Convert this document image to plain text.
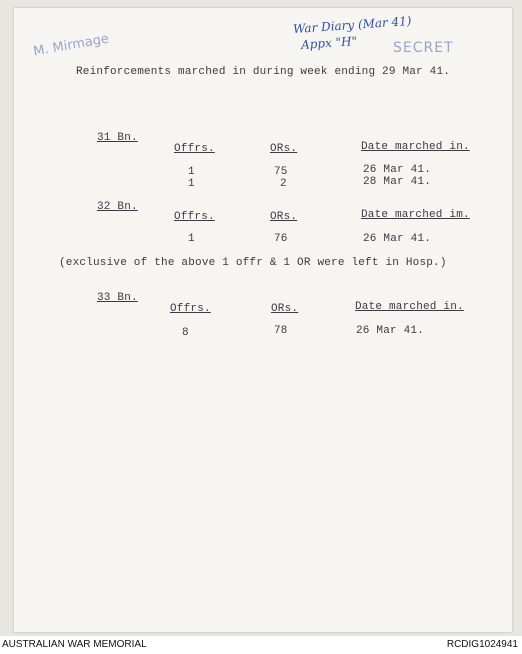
M. Mirmage
War Diary (Mar 41)
Appx "H"	SECRET
Reinforcements marched in during week ending 29 Mar 41.
31 Bn.
Offrs.	ORs.	Date marched in.
1	75	26 Mar 41.
1	2	28 Mar 41.
32 Bn.
Offrs.	ORs.	Date marched im.
1	76	26 Mar 41.
(exclusive of the above 1 offr & 1 OR were left in Hosp.)
33 Bn.
Offrs.	ORs.	Date marched in.
8	78	26 Mar 41.
AUSTRALIAN WAR MEMORIAL	RCDIG1024941
